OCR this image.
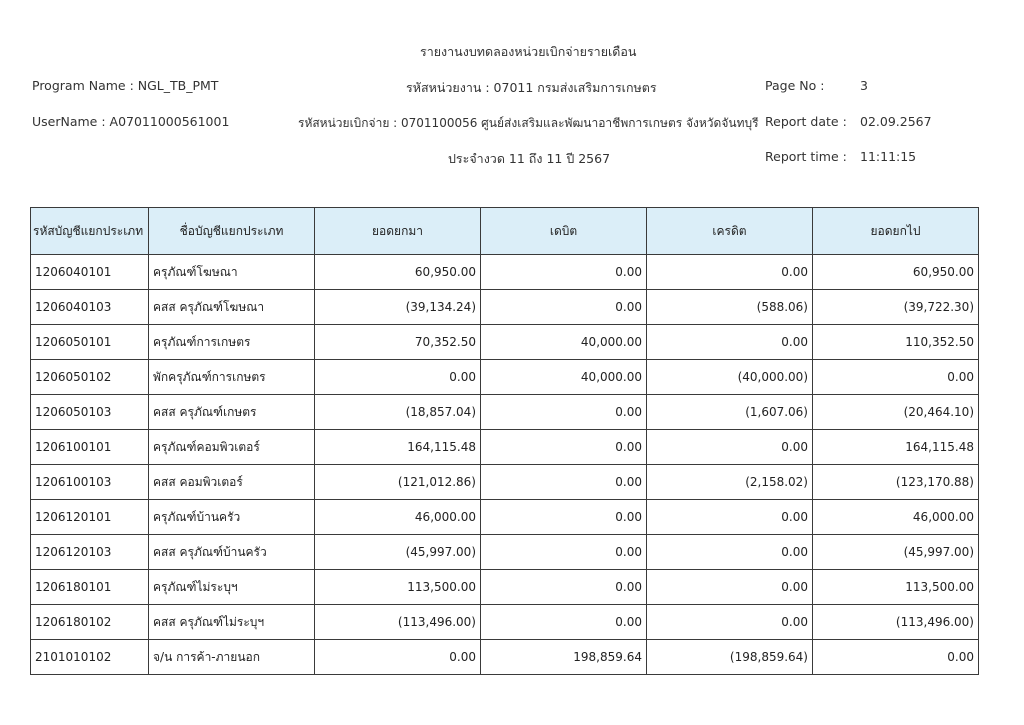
รายงานงบทดลองหน่วยเบิกจ่ายรายเดือน
Program Name : NGL_TB_PMT	รหัสหน่วยงาน : 07011 กรมส่งเสริมการเกษตร	Page No :	3
UserName : A07011000561001	รหัสหน่วยเบิกจ่าย : 0701100056 ศูนย์ส่งเสริมและพัฒนาอาชีพการเกษตร จังหวัดจันทบุรี Report date : 02.09.2567
ประจำงวด 11 ถึง 11 ปี 2567	Report time : 11:11:15
รหัสบัญชีแยกประเภท	ชื่อบัญชีแยกประเภท	ยอดยกมา	เดบิต	เครดิต	ยอดยกไป
1206040101	ครุภัณฑ์โฆษณา	60,950.00	0.00	0.00	60,950.00
1206040103	คสส ครุภัณฑ์โฆษณา	(39,134.24)	0.00	(588.06)	(39,722.30)
1206050101	ครุภัณฑ์การเกษตร	70,352.50	40,000.00	0.00	110,352.50
1206050102	พักครุภัณฑ์การเกษตร	0.00	40,000.00	(40,000.00)	0.00
1206050103	คสส ครุภัณฑ์เกษตร	(18,857.04)	0.00	(1,607.06)	(20,464.10)
1206100101	ครุภัณฑ์คอมพิวเตอร์	164,115.48	0.00	0.00	164,115.48
1206100103	คสส คอมพิวเตอร์	(121,012.86)	0.00	(2,158.02)	(123,170.88)
1206120101	ครุภัณฑ์บ้านครัว	46,000.00	0.00	0.00	46,000.00
1206120103	คสส ครุภัณฑ์บ้านครัว	(45,997.00)	0.00	0.00	(45,997.00)
1206180101	ครุภัณฑ์ไม่ระบุฯ	113,500.00	0.00	0.00	113,500.00
1206180102	คสส ครุภัณฑ์ไม่ระบุฯ	(113,496.00)	0.00	0.00	(113,496.00)
2101010102	จ/น การค้า-ภายนอก	0.00	198,859.64	(198,859.64)	0.00
